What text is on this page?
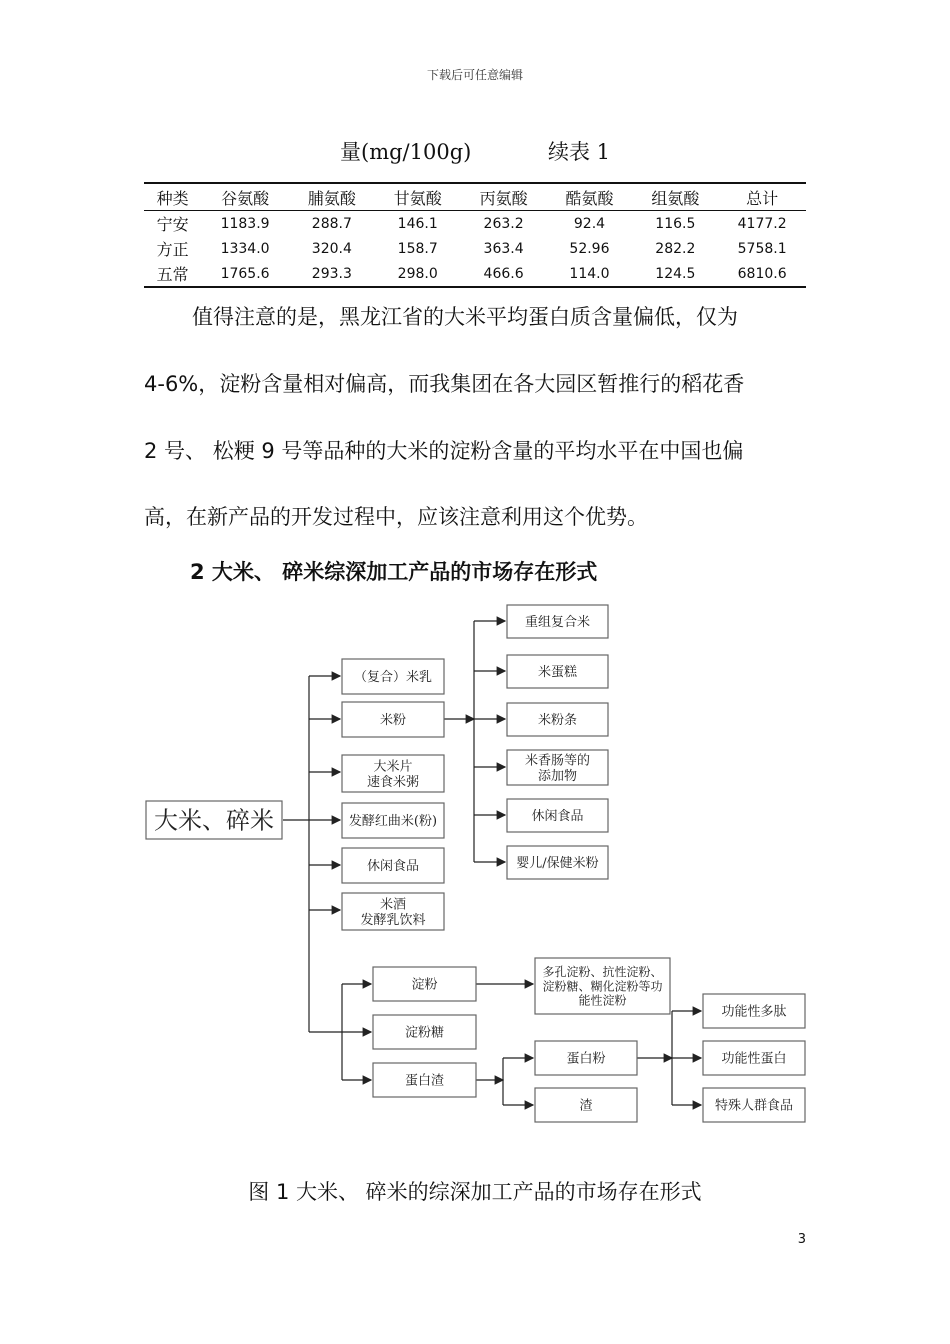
下载后可任意编辑
量(mg/100g)	续表 1
种类	谷氨酸	脯氨酸	甘氨酸	丙氨酸	酷氨酸	组氨酸	总计
宁安	1183.9	288.7	146.1	263.2	92.4	116.5	4177.2
方正	1334.0	320.4	158.7	363.4	52.96	282.2	5758.1
五常	1765.6	293.3	298.0	466.6	114.0	124.5	6810.6
值得注意的是，黑龙江省的大米平均蛋白质含量偏低，仅为
4-6%，淀粉含量相对偏高，而我集团在各大园区暂推行的稻花香
2 号、 松粳 9 号等品种的大米的淀粉含量的平均水平在中国也偏
高，在新产品的开发过程中，应该注意利用这个优势。
2 大米、 碎米综深加工产品的市场存在形式
大米、碎米
（复合）米乳
米粉
大米片速食米粥
发酵红曲米(粉)
休闲食品
米酒发酵乳饮料
重组复合米
米蛋糕
米粉条
米香肠等的添加物
休闲食品
婴儿/保健米粉
淀粉
淀粉糖
蛋白渣
多孔淀粉、抗性淀粉、淀粉糖、糊化淀粉等功能性淀粉
蛋白粉
渣
功能性多肽
功能性蛋白
特殊人群食品
图 1 大米、 碎米的综深加工产品的市场存在形式
3
